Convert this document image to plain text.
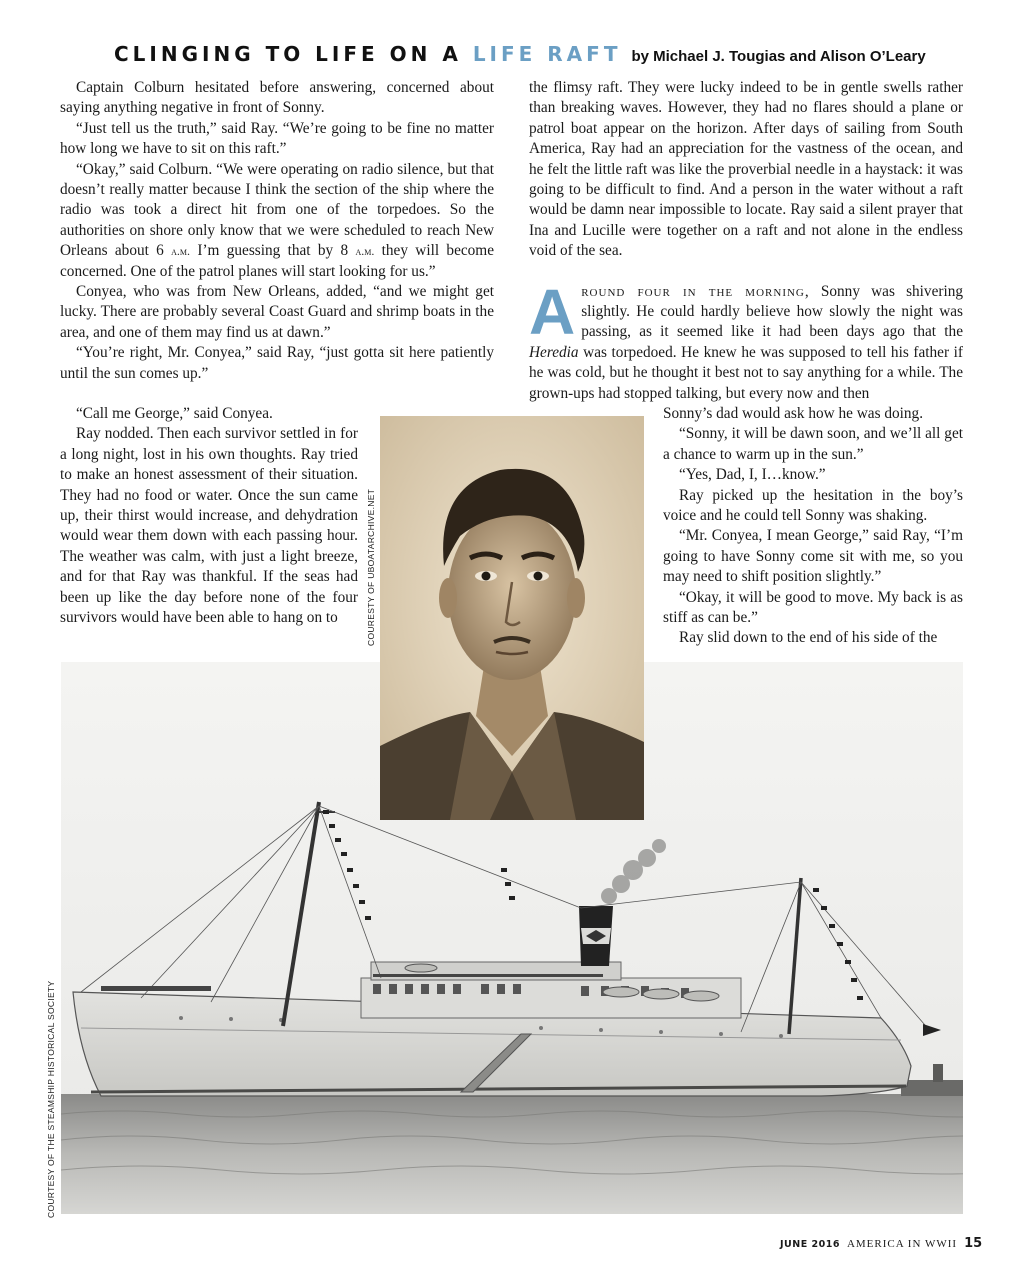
CLINGING TO LIFE ON A LIFE RAFT by Michael J. Tougias and Alison O’Leary

Captain Colburn hesitated before answering, concerned about saying anything negative in front of Sonny.

“Just tell us the truth,” said Ray. “We’re going to be fine no matter how long we have to sit on this raft.”

“Okay,” said Colburn. “We were operating on radio silence, but that doesn’t really matter because I think the section of the ship where the radio was took a direct hit from one of the torpedoes. So the authorities on shore only know that we were scheduled to reach New Orleans about 6 a.m. I’m guessing that by 8 a.m. they will become concerned. One of the patrol planes will start looking for us.”

Conyea, who was from New Orleans, added, “and we might get lucky. There are probably several Coast Guard and shrimp boats in the area, and one of them may find us at dawn.”

“You’re right, Mr. Conyea,” said Ray, “just gotta sit here patiently until the sun comes up.”

“Call me George,” said Conyea.

Ray nodded. Then each survivor settled in for a long night, lost in his own thoughts. Ray tried to make an honest assessment of their situation. They had no food or water. Once the sun came up, their thirst would increase, and dehydration would wear them down with each passing hour. The weather was calm, with just a light breeze, and for that Ray was thankful. If the seas had been up like the day before none of the four survivors would have been able to hang on to

the flimsy raft. They were lucky indeed to be in gentle swells rather than breaking waves. However, they had no flares should a plane or patrol boat appear on the horizon. After days of sailing from South America, Ray had an appreciation for the vastness of the ocean, and he felt the little raft was like the proverbial needle in a haystack: it was going to be difficult to find. And a person in the water without a raft would be damn near impossible to locate. Ray said a silent prayer that Ina and Lucille were together on a raft and not alone in the endless void of the sea.

Around four in the morning, Sonny was shivering slightly. He could hardly believe how slowly the night was passing, as it seemed like it had been days ago that the Heredia was torpedoed. He knew he was supposed to tell his father if he was cold, but he thought it best not to say anything for a while. The grown-ups had stopped talking, but every now and then

Sonny’s dad would ask how he was doing.

“Sonny, it will be dawn soon, and we’ll all get a chance to warm up in the sun.”

“Yes, Dad, I, I…know.”

Ray picked up the hesitation in the boy’s voice and he could tell Sonny was shaking.

“Mr. Conyea, I mean George,” said Ray, “I’m going to have Sonny come sit with me, so you may need to shift position slightly.”

“Okay, it will be good to move. My back is as stiff as can be.”

Ray slid down to the end of his side of the

COURESTY OF UBOATARCHIVE.NET
COURTESY OF THE STEAMSHIP HISTORICAL SOCIETY
JUNE 2016 AMERICA IN WWII 15
